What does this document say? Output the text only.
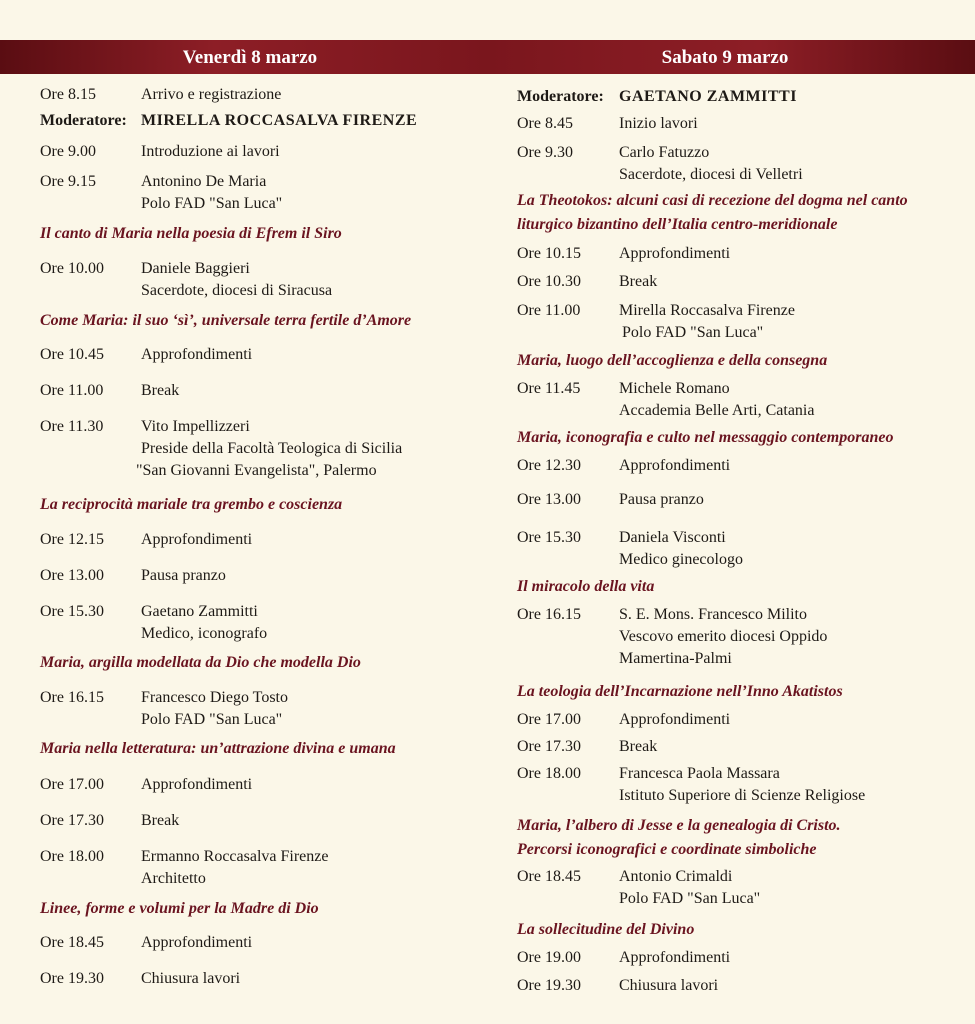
Venerdì 8 marzo	Sabato 9 marzo
Ore 8.15	Arrivo e registrazione
Moderatore: MIRELLA ROCCASALVA FIRENZE
Ore 9.00	Introduzione ai lavori
Ore 9.15	Antonino De Maria
Polo FAD "San Luca"
Il canto di Maria nella poesia di Efrem il Siro
Ore 10.00 Daniele Baggieri
Sacerdote, diocesi di Siracusa
Come Maria: il suo ‘sì’, universale terra fertile d’Amore
Ore 10.45 Approfondimenti
Ore 11.00 Break
Ore 11.30 Vito Impellizzeri
Preside della Facoltà Teologica di Sicilia
"San Giovanni Evangelista", Palermo
La reciprocità mariale tra grembo e coscienza
Ore 12.15 Approfondimenti
Ore 13.00 Pausa pranzo
Ore 15.30 Gaetano Zammitti
Medico, iconografo
Maria, argilla modellata da Dio che modella Dio
Ore 16.15 Francesco Diego Tosto
Polo FAD "San Luca"
Maria nella letteratura: un’attrazione divina e umana
Ore 17.00 Approfondimenti
Ore 17.30 Break
Ore 18.00 Ermanno Roccasalva Firenze
Architetto
Linee, forme e volumi per la Madre di Dio
Ore 18.45 Approfondimenti
Ore 19.30 Chiusura lavori
Moderatore: GAETANO ZAMMITTI
Ore 8.45	Inizio lavori
Ore 9.30	Carlo Fatuzzo
Sacerdote, diocesi di Velletri
La Theotokos: alcuni casi di recezione del dogma nel canto
liturgico bizantino dell’Italia centro-meridionale
Ore 10.15 Approfondimenti
Ore 10.30 Break
Ore 11.00 Mirella Roccasalva Firenze
Polo FAD "San Luca"
Maria, luogo dell’accoglienza e della consegna
Ore 11.45 Michele Romano
Accademia Belle Arti, Catania
Maria, iconografia e culto nel messaggio contemporaneo
Ore 12.30 Approfondimenti
Ore 13.00 Pausa pranzo
Ore 15.30 Daniela Visconti
Medico ginecologo
Il miracolo della vita
Ore 16.15 S. E. Mons. Francesco Milito
Vescovo emerito diocesi Oppido
Mamertina-Palmi
La teologia dell’Incarnazione nell’Inno Akatistos
Ore 17.00 Approfondimenti
Ore 17.30 Break
Ore 18.00 Francesca Paola Massara
Istituto Superiore di Scienze Religiose
Maria, l’albero di Jesse e la genealogia di Cristo.
Percorsi iconografici e coordinate simboliche
Ore 18.45 Antonio Crimaldi
Polo FAD "San Luca"
La sollecitudine del Divino
Ore 19.00 Approfondimenti
Ore 19.30 Chiusura lavori
